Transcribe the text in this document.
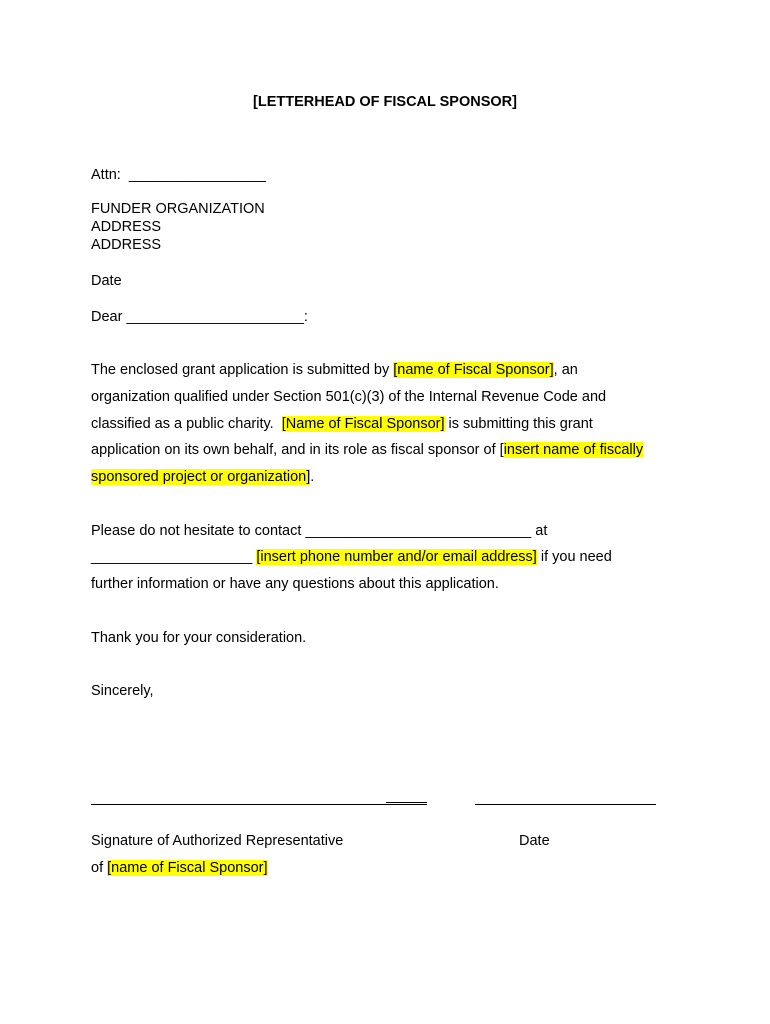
[LETTERHEAD OF FISCAL SPONSOR]
Attn: _________________
FUNDER ORGANIZATION
ADDRESS
ADDRESS
Date
Dear ______________________:
The enclosed grant application is submitted by [name of Fiscal Sponsor], an
organization qualified under Section 501(c)(3) of the Internal Revenue Code and
classified as a public charity.  [Name of Fiscal Sponsor] is submitting this grant
application on its own behalf, and in its role as fiscal sponsor of [insert name of fiscally
sponsored project or organization].
Please do not hesitate to contact ____________________________ at
____________________ [insert phone number and/or email address] if you need
further information or have any questions about this application.
Thank you for your consideration.
Sincerely,
Signature of Authorized Representative	Date
of [name of Fiscal Sponsor]
